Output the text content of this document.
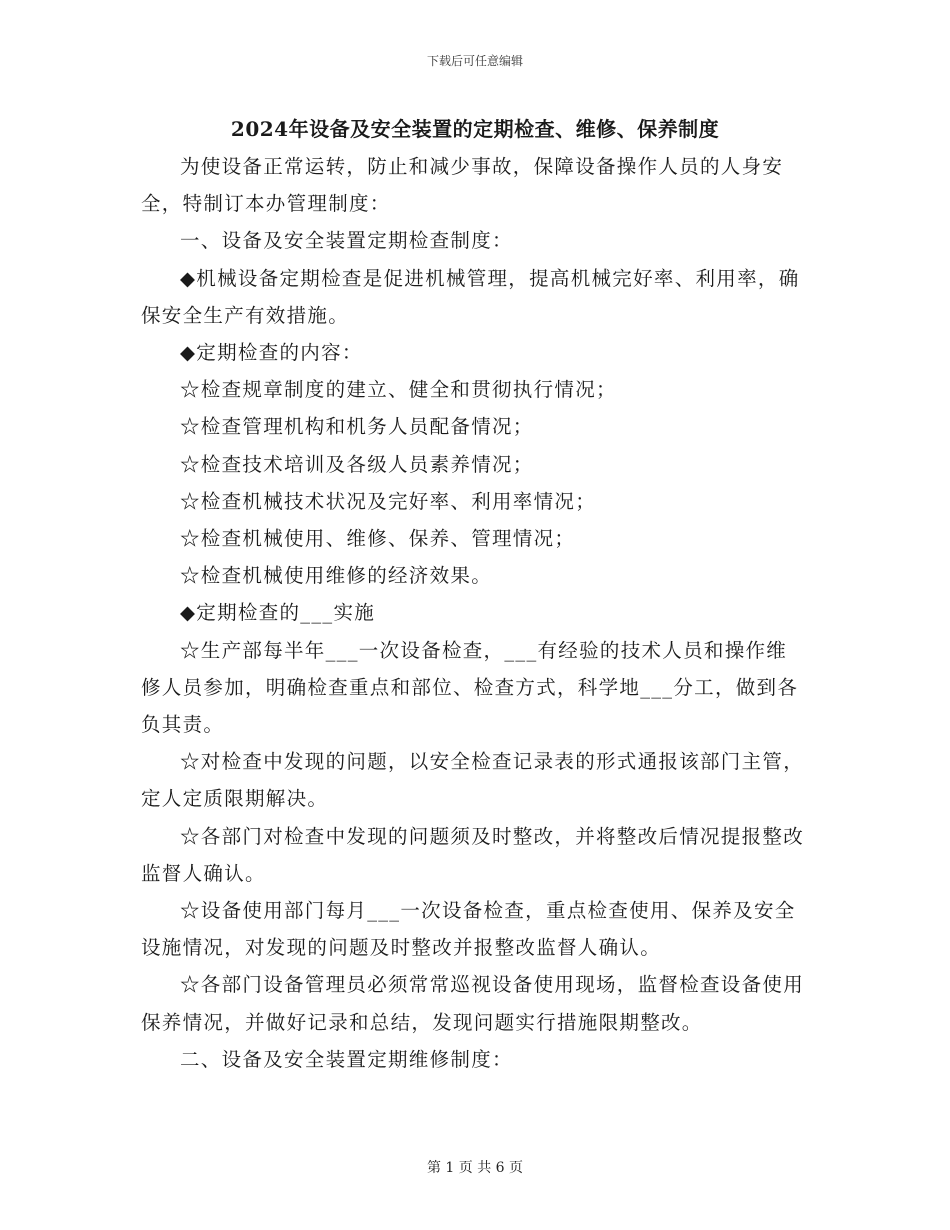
下载后可任意编辑
2024年设备及安全装置的定期检查、维修、保养制度

为使设备正常运转，防止和减少事故，保障设备操作人员的人身安全，特制订本办管理制度：

一、设备及安全装置定期检查制度：

◆机械设备定期检查是促进机械管理，提高机械完好率、利用率，确保安全生产有效措施。

◆定期检查的内容：

☆检查规章制度的建立、健全和贯彻执行情况；

☆检查管理机构和机务人员配备情况；

☆检查技术培训及各级人员素养情况；

☆检查机械技术状况及完好率、利用率情况；

☆检查机械使用、维修、保养、管理情况；

☆检查机械使用维修的经济效果。

◆定期检查的___实施

☆生产部每半年___一次设备检查，___有经验的技术人员和操作维修人员参加，明确检查重点和部位、检查方式，科学地___分工，做到各负其责。

☆对检查中发现的问题，以安全检查记录表的形式通报该部门主管，定人定质限期解决。

☆各部门对检查中发现的问题须及时整改，并将整改后情况提报整改监督人确认。

☆设备使用部门每月___一次设备检查，重点检查使用、保养及安全设施情况，对发现的问题及时整改并报整改监督人确认。

☆各部门设备管理员必须常常巡视设备使用现场，监督检查设备使用保养情况，并做好记录和总结，发现问题实行措施限期整改。

二、设备及安全装置定期维修制度：

第 1 页 共 6 页
